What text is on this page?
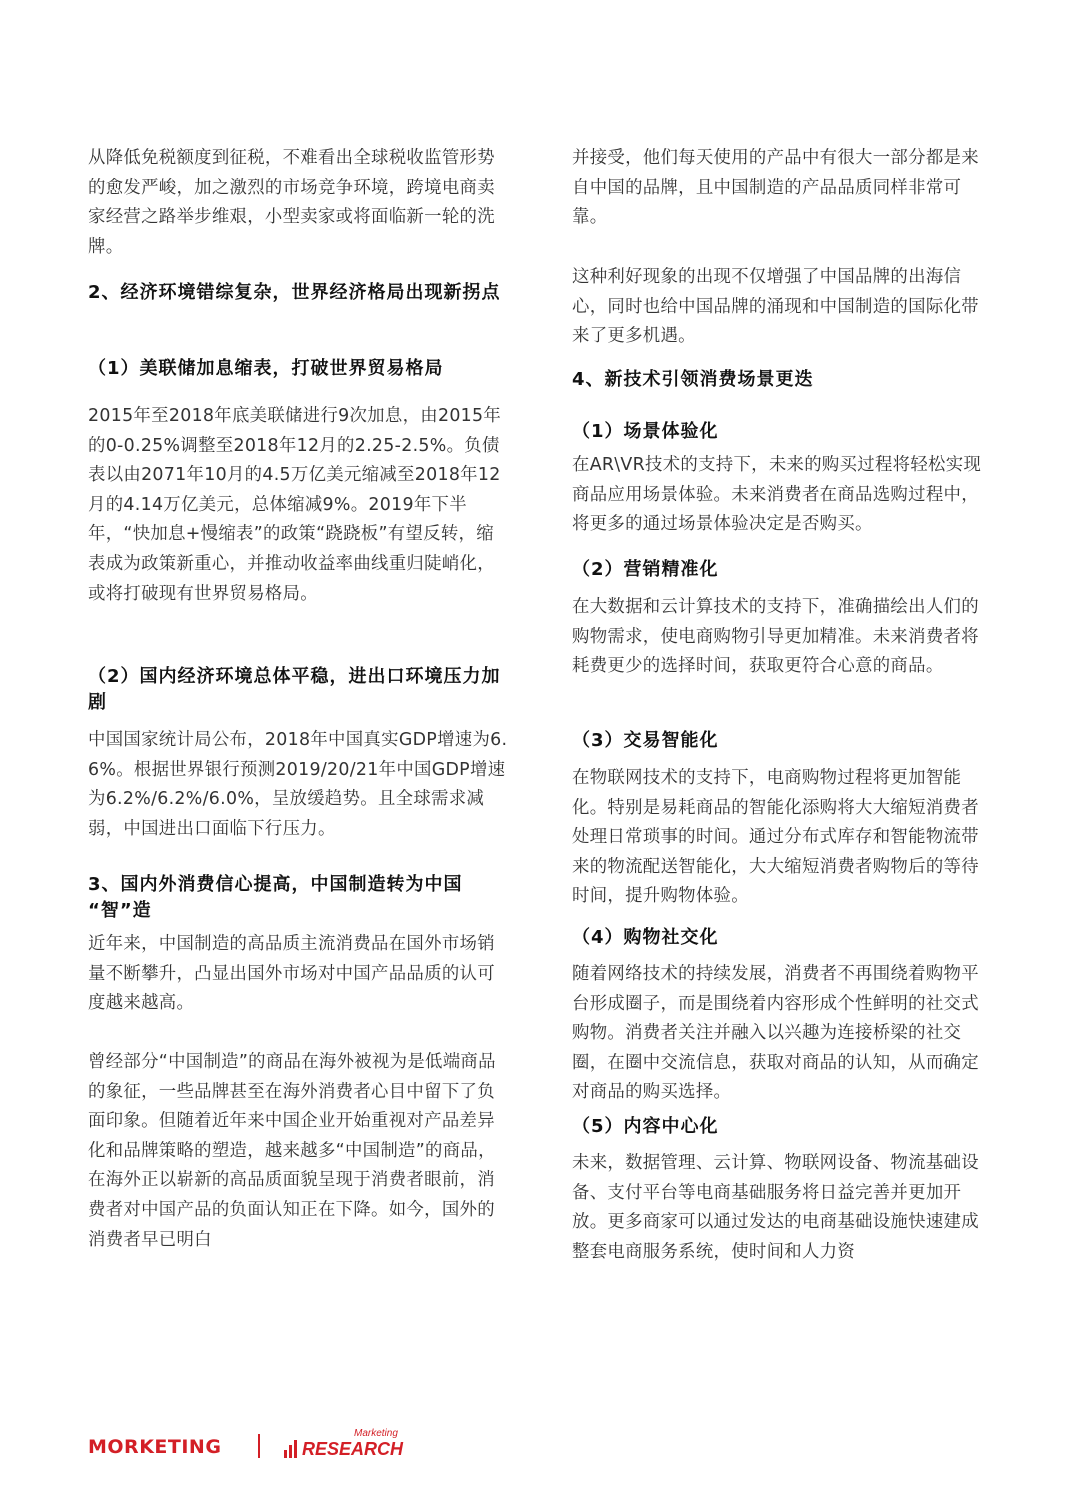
从降低免税额度到征税，不难看出全球税收监管形势的愈发严峻，加之激烈的市场竞争环境，跨境电商卖家经营之路举步维艰，小型卖家或将面临新一轮的洗牌。

2、经济环境错综复杂，世界经济格局出现新拐点

（1）美联储加息缩表，打破世界贸易格局

2015年至2018年底美联储进行9次加息，由2015年的0-0.25%调整至2018年12月的2.25-2.5%。负债表以由2071年10月的4.5万亿美元缩减至2018年12月的4.14万亿美元，总体缩减9%。2019年下半年，“快加息+慢缩表”的政策“跷跷板”有望反转，缩表成为政策新重心，并推动收益率曲线重归陡峭化，或将打破现有世界贸易格局。

（2）国内经济环境总体平稳，进出口环境压力加剧

中国国家统计局公布，2018年中国真实GDP增速为6.6%。根据世界银行预测2019/20/21年中国GDP增速为6.2%/6.2%/6.0%，呈放缓趋势。且全球需求减弱，中国进出口面临下行压力。

3、国内外消费信心提高，中国制造转为中国 “智”造

近年来，中国制造的高品质主流消费品在国外市场销量不断攀升，凸显出国外市场对中国产品品质的认可度越来越高。

曾经部分“中国制造”的商品在海外被视为是低端商品的象征，一些品牌甚至在海外消费者心目中留下了负面印象。但随着近年来中国企业开始重视对产品差异化和品牌策略的塑造，越来越多“中国制造”的商品，在海外正以崭新的高品质面貌呈现于消费者眼前，消费者对中国产品的负面认知正在下降。如今，国外的消费者早已明白

并接受，他们每天使用的产品中有很大一部分都是来自中国的品牌，且中国制造的产品品质同样非常可靠。

这种利好现象的出现不仅增强了中国品牌的出海信心，同时也给中国品牌的涌现和中国制造的国际化带来了更多机遇。

4、新技术引领消费场景更迭

（1）场景体验化

在AR\VR技术的支持下，未来的购买过程将轻松实现商品应用场景体验。未来消费者在商品选购过程中，将更多的通过场景体验决定是否购买。

（2）营销精准化

在大数据和云计算技术的支持下，准确描绘出人们的购物需求，使电商购物引导更加精准。未来消费者将耗费更少的选择时间，获取更符合心意的商品。

（3）交易智能化

在物联网技术的支持下，电商购物过程将更加智能化。特别是易耗商品的智能化添购将大大缩短消费者处理日常琐事的时间。通过分布式库存和智能物流带来的物流配送智能化，大大缩短消费者购物后的等待时间，提升购物体验。

（4）购物社交化

随着网络技术的持续发展，消费者不再围绕着购物平台形成圈子，而是围绕着内容形成个性鲜明的社交式购物。消费者关注并融入以兴趣为连接桥梁的社交圈，在圈中交流信息，获取对商品的认知，从而确定对商品的购买选择。

（5）内容中心化

未来，数据管理、云计算、物联网设备、物流基础设备、支付平台等电商基础服务将日益完善并更加开放。更多商家可以通过发达的电商基础设施快速建成整套电商服务系统，使时间和人力资

MORKETING	RESEARCH
Marketing
